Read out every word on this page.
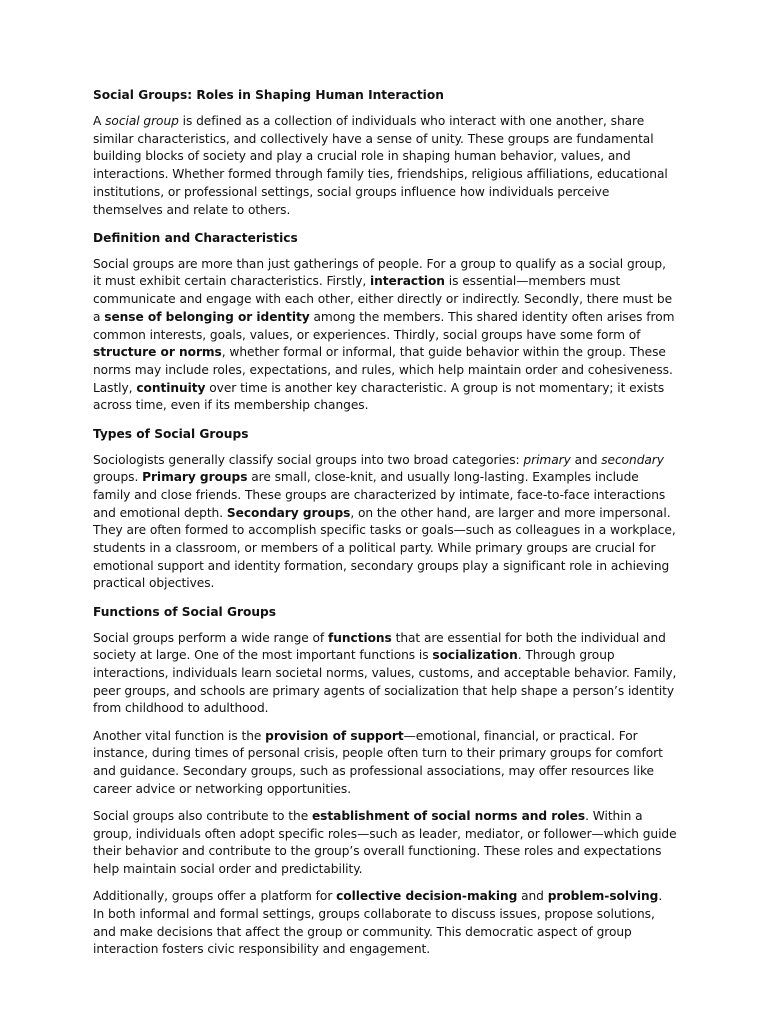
Social Groups: Roles in Shaping Human Interaction

A social group is defined as a collection of individuals who interact with one another, share similar characteristics, and collectively have a sense of unity. These groups are fundamental building blocks of society and play a crucial role in shaping human behavior, values, and interactions. Whether formed through family ties, friendships, religious affiliations, educational institutions, or professional settings, social groups influence how individuals perceive themselves and relate to others.

Definition and Characteristics

Social groups are more than just gatherings of people. For a group to qualify as a social group, it must exhibit certain characteristics. Firstly, interaction is essential—members must communicate and engage with each other, either directly or indirectly. Secondly, there must be a sense of belonging or identity among the members. This shared identity often arises from common interests, goals, values, or experiences. Thirdly, social groups have some form of structure or norms, whether formal or informal, that guide behavior within the group. These norms may include roles, expectations, and rules, which help maintain order and cohesiveness. Lastly, continuity over time is another key characteristic. A group is not momentary; it exists across time, even if its membership changes.

Types of Social Groups

Sociologists generally classify social groups into two broad categories: primary and secondary groups. Primary groups are small, close-knit, and usually long-lasting. Examples include family and close friends. These groups are characterized by intimate, face-to-face interactions and emotional depth. Secondary groups, on the other hand, are larger and more impersonal. They are often formed to accomplish specific tasks or goals—such as colleagues in a workplace, students in a classroom, or members of a political party. While primary groups are crucial for emotional support and identity formation, secondary groups play a significant role in achieving practical objectives.

Functions of Social Groups

Social groups perform a wide range of functions that are essential for both the individual and society at large. One of the most important functions is socialization. Through group interactions, individuals learn societal norms, values, customs, and acceptable behavior. Family, peer groups, and schools are primary agents of socialization that help shape a person’s identity from childhood to adulthood.

Another vital function is the provision of support—emotional, financial, or practical. For instance, during times of personal crisis, people often turn to their primary groups for comfort and guidance. Secondary groups, such as professional associations, may offer resources like career advice or networking opportunities.

Social groups also contribute to the establishment of social norms and roles. Within a group, individuals often adopt specific roles—such as leader, mediator, or follower—which guide their behavior and contribute to the group’s overall functioning. These roles and expectations help maintain social order and predictability.

Additionally, groups offer a platform for collective decision-making and problem-solving. In both informal and formal settings, groups collaborate to discuss issues, propose solutions, and make decisions that affect the group or community. This democratic aspect of group interaction fosters civic responsibility and engagement.
